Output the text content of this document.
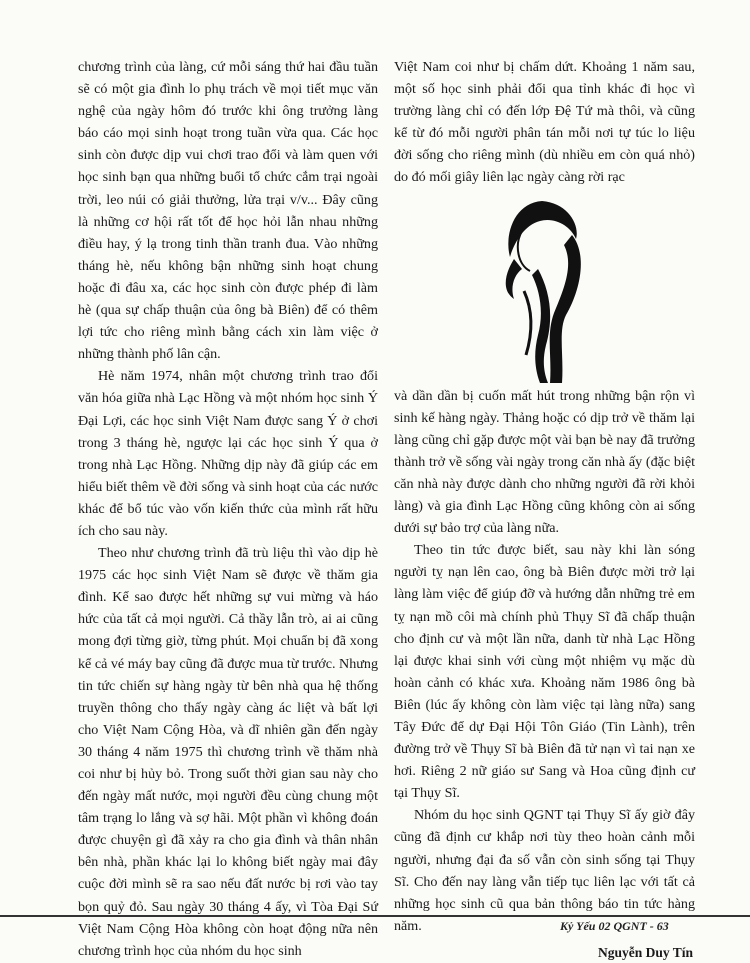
chương trình của làng, cứ mỗi sáng thứ hai đầu tuần sẽ có một gia đình lo phụ trách về mọi tiết mục văn nghệ của ngày hôm đó trước khi ông trưởng làng báo cáo mọi sinh hoạt trong tuần vừa qua. Các học sinh còn được dịp vui chơi trao đổi và làm quen với học sinh bạn qua những buổi tổ chức cắm trại ngoài trời, leo núi có giải thưởng, lửa trại v/v... Đây cũng là những cơ hội rất tốt để học hỏi lẫn nhau những điều hay, ý lạ trong tinh thần tranh đua. Vào những tháng hè, nếu không bận những sinh hoạt chung hoặc đi đâu xa, các học sinh còn được phép đi làm hè (qua sự chấp thuận của ông bà Biên) để có thêm lợi tức cho riêng mình bằng cách xin làm việc ở những thành phố lân cận.

Hè năm 1974, nhân một chương trình trao đổi văn hóa giữa nhà Lạc Hồng và một nhóm học sinh Ý Đại Lợi, các học sinh Việt Nam được sang Ý ở chơi trong 3 tháng hè, ngược lại các học sinh Ý qua ở trong nhà Lạc Hồng. Những dịp này đã giúp các em hiểu biết thêm về đời sống và sinh hoạt của các nước khác để bổ túc vào vốn kiến thức của mình rất hữu ích cho sau này.

Theo như chương trình đã trù liệu thì vào dịp hè 1975 các học sinh Việt Nam sẽ được về thăm gia đình. Kể sao được hết những sự vui mừng và háo hức của tất cả mọi người. Cả thầy lẫn trò, ai ai cũng mong đợi từng giờ, từng phút. Mọi chuẩn bị đã xong kể cả vé máy bay cũng đã được mua từ trước. Nhưng tin tức chiến sự hàng ngày từ bên nhà qua hệ thống truyền thông cho thấy ngày càng ác liệt và bất lợi cho Việt Nam Cộng Hòa, và dĩ nhiên gần đến ngày 30 tháng 4 năm 1975 thì chương trình về thăm nhà coi như bị hủy bỏ. Trong suốt thời gian sau này cho đến ngày mất nước, mọi người đều cùng chung một tâm trạng lo lắng và sợ hãi. Một phần vì không đoán được chuyện gì đã xảy ra cho gia đình và thân nhân bên nhà, phần khác lại lo không biết ngày mai đây cuộc đời mình sẽ ra sao nếu đất nước bị rơi vào tay bọn quỷ đỏ. Sau ngày 30 tháng 4 ấy, vì Tòa Đại Sứ Việt Nam Cộng Hòa không còn hoạt động nữa nên chương trình học của nhóm du học sinh

Việt Nam coi như bị chấm dứt. Khoảng 1 năm sau, một số học sinh phải đổi qua tỉnh khác đi học vì trường làng chỉ có đến lớp Đệ Tứ mà thôi, và cũng kể từ đó mỗi người phân tán mỗi nơi tự túc lo liệu đời sống cho riêng mình (dù nhiều em còn quá nhỏ) do đó mối giây liên lạc ngày càng rời rạc

và dần dần bị cuốn mất hút trong những bận rộn vì sinh kế hàng ngày. Thảng hoặc có dịp trở về thăm lại làng cũng chỉ gặp được một vài bạn bè nay đã trưởng thành trở về sống vài ngày trong căn nhà ấy (đặc biệt căn nhà này được dành cho những người đã rời khỏi làng) và gia đình Lạc Hồng cũng không còn ai sống dưới sự bảo trợ của làng nữa.

Theo tin tức được biết, sau này khi làn sóng người tỵ nạn lên cao, ông bà Biên được mời trở lại làng làm việc để giúp đỡ và hướng dẫn những trẻ em tỵ nạn mồ côi mà chính phủ Thụy Sĩ đã chấp thuận cho định cư và một lần nữa, danh từ nhà Lạc Hồng lại được khai sinh với cùng một nhiệm vụ mặc dù hoàn cảnh có khác xưa. Khoảng năm 1986 ông bà Biên (lúc ấy không còn làm việc tại làng nữa) sang Tây Đức để dự Đại Hội Tôn Giáo (Tin Lành), trên đường trở về Thụy Sĩ bà Biên đã tử nạn vì tai nạn xe hơi. Riêng 2 nữ giáo sư Sang và Hoa cũng định cư tại Thụy Sĩ.

Nhóm du học sinh QGNT tại Thụy Sĩ ấy giờ đây cũng đã định cư khắp nơi tùy theo hoàn cảnh mỗi người, nhưng đại đa số vẫn còn sinh sống tại Thụy Sĩ. Cho đến nay làng vẫn tiếp tục liên lạc với tất cả những học sinh cũ qua bản thông báo tin tức hàng năm.

Nguyễn Duy Tín
Kỷ Yếu 02 QGNT - 63
